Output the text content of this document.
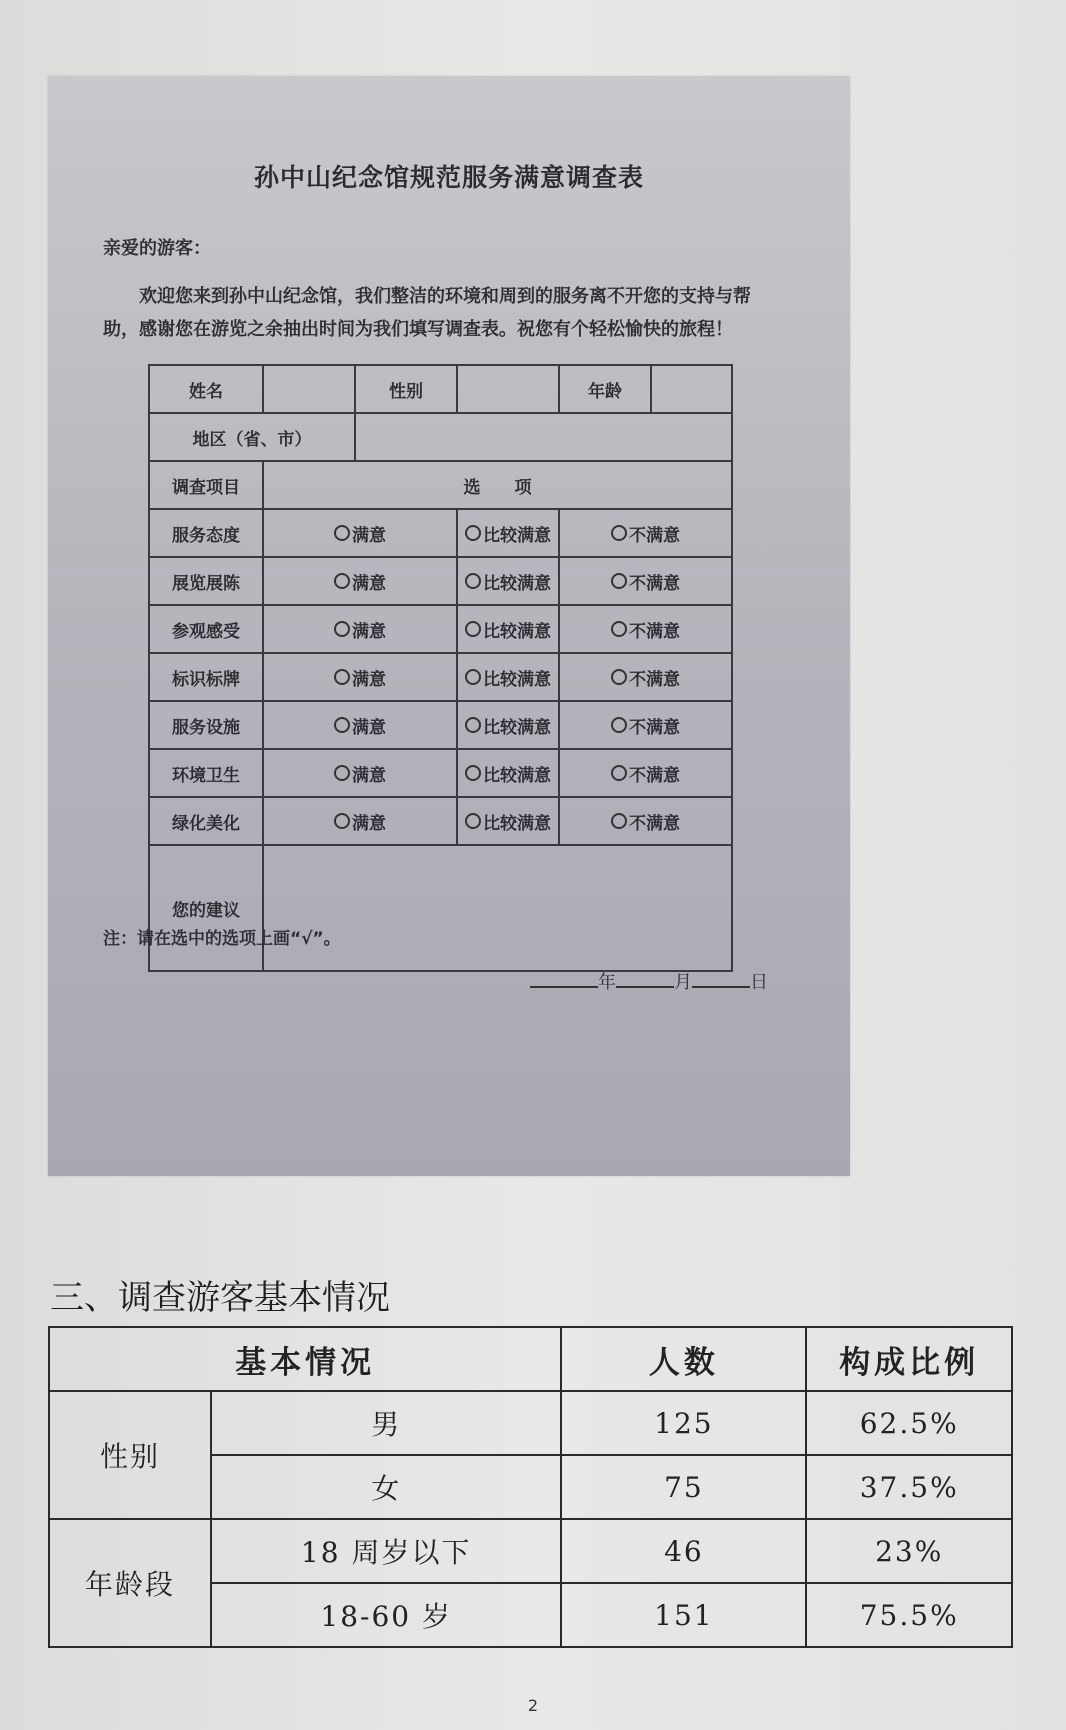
孙中山纪念馆规范服务满意调查表
亲爱的游客：
欢迎您来到孙中山纪念馆，我们整洁的环境和周到的服务离不开您的支持与帮助，感谢您在游览之余抽出时间为我们填写调查表。祝您有个轻松愉快的旅程！
姓名		性别		年龄	
地区（省、市）					
调查项目	选　　项				
服务态度	满意		比较满意	不满意	

展览展陈	满意		比较满意	不满意	

参观感受	满意		比较满意	不满意	

标识标牌	满意		比较满意	不满意	

服务设施	满意		比较满意	不满意	

环境卫生	满意		比较满意	不满意	

绿化美化	满意		比较满意	不满意	

您的建议					
注：请在选中的选项上画“√”。
年	月	日
三、调查游客基本情况
基本情况		人数	构成比例
性别	男	125	62.5%
	女	75	37.5%
年龄段	18 周岁以下	46	23%
	18-60 岁	151	75.5%
2
